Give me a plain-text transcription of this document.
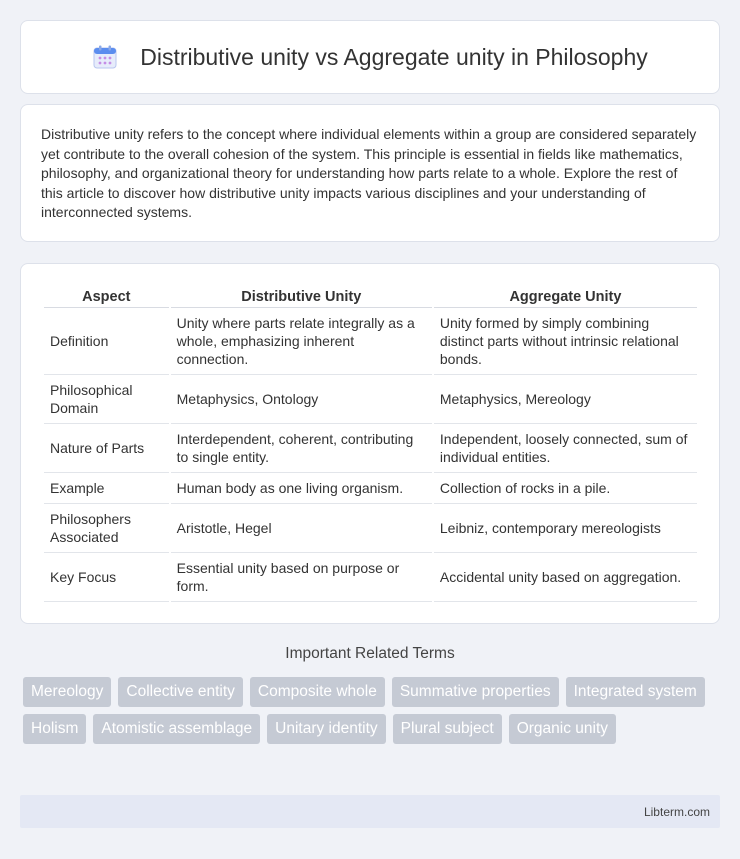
Distributive unity vs Aggregate unity in Philosophy

Distributive unity refers to the concept where individual elements within a group are considered separately yet contribute to the overall cohesion of the system. This principle is essential in fields like mathematics, philosophy, and organizational theory for understanding how parts relate to a whole. Explore the rest of this article to discover how distributive unity impacts various disciplines and your understanding of interconnected systems.

Aspect	Distributive Unity	Aggregate Unity
Definition	Unity where parts relate integrally as a whole, emphasizing inherent connection.	Unity formed by simply combining distinct parts without intrinsic relational bonds.
Philosophical Domain	Metaphysics, Ontology	Metaphysics, Mereology
Nature of Parts	Interdependent, coherent, contributing to single entity.	Independent, loosely connected, sum of individual entities.
Example	Human body as one living organism.	Collection of rocks in a pile.
Philosophers Associated	Aristotle, Hegel	Leibniz, contemporary mereologists
Key Focus	Essential unity based on purpose or form.	Accidental unity based on aggregation.
Important Related Terms
Mereology	Collective entity	Composite whole	Summative properties	Integrated system
Holism	Atomistic assemblage	Unitary identity	Plural subject	Organic unity
Libterm.com
